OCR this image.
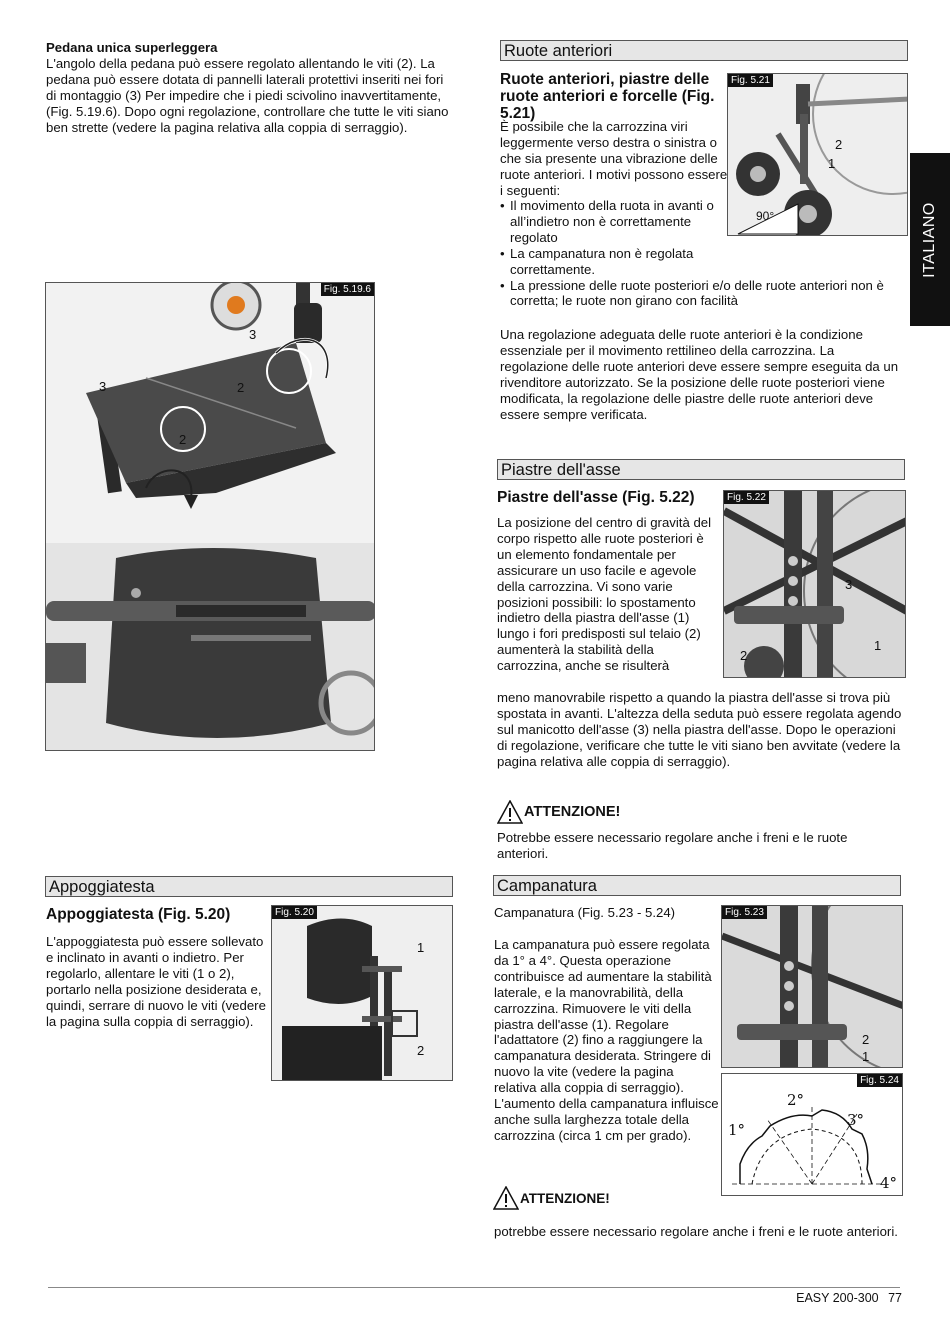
Pedana unica superleggera
L'angolo della pedana può essere regolato allentando le viti (2). La pedana può essere dotata di pannelli laterali protettivi inseriti nei fori di montaggio (3) Per impedire che i piedi scivolino inavvertitamente, (Fig. 5.19.6). Dopo ogni regolazione, controllare che tutte le viti siano ben strette (vedere la pagina relativa alla coppia di serraggio).
Fig. 5.19.6
3
3	2
2
Ruote anteriori
Ruote anteriori, piastre delle ruote anteriori e forcelle (Fig. 5.21)
È possibile che la carrozzina viri leggermente verso destra o sinistra o che sia presente una vibrazione delle ruote anteriori. I motivi possono essere i seguenti:
• Il movimento della ruota in avanti o all’indietro non è correttamente regolato
• La campanatura non è regolata correttamente.
• La pressione delle ruote posteriori e/o delle ruote anteriori non è corretta; le ruote non girano con facilità
Fig. 5.21
90°
2
1
ITALIANO
Una regolazione adeguata delle ruote anteriori è la condizione essenziale per il movimento rettilineo della carrozzina. La regolazione delle ruote anteriori deve essere sempre eseguita da un rivenditore autorizzato. Se la posizione delle ruote posteriori viene modificata, la regolazione delle piastre delle ruote anteriori deve essere sempre verificata.
Piastre dell'asse
Piastre dell'asse (Fig. 5.22)
La posizione del centro di gravità del corpo rispetto alle ruote posteriori è un elemento fondamentale per assicurare un uso facile e agevole della carrozzina. Vi sono varie posizioni possibili: lo spostamento indietro della piastra dell'asse (1) lungo i fori predisposti sul telaio (2) aumenterà la stabilità della carrozzina, anche se risulterà
Fig. 5.22
3
1
2
meno manovrabile rispetto a quando la piastra dell'asse si trova più spostata in avanti. L'altezza della seduta può essere regolata agendo sul manicotto dell'asse (3) nella piastra dell'asse. Dopo le operazioni di regolazione, verificare che tutte le viti siano ben avvitate (vedere la pagina relativa alle coppia di serraggio).
ATTENZIONE!
Potrebbe essere necessario regolare anche i freni e le ruote anteriori.
Appoggiatesta
Appoggiatesta (Fig. 5.20)
L'appoggiatesta può essere sollevato e inclinato in avanti o indietro. Per regolarlo, allentare le viti (1 o 2), portarlo nella posizione desiderata e, quindi, serrare di nuovo le viti (vedere la pagina sulla coppia di serraggio).
Fig. 5.20
1
2
Campanatura
Campanatura (Fig. 5.23 - 5.24)
La campanatura può essere regolata da 1° a 4°. Questa operazione contribuisce ad aumentare la stabilità laterale, e la manovrabilità, della carrozzina. Rimuovere le viti della piastra dell'asse (1). Regolare l'adattatore (2) fino a raggiungere la campanatura desiderata. Stringere di nuovo la vite (vedere la pagina relativa alla coppia di serraggio). L'aumento della campanatura influisce anche sulla larghezza totale della carrozzina (circa 1 cm per grado).
Fig. 5.23
2
1
Fig. 5.24
1°
2°
3°
4°
ATTENZIONE!
potrebbe essere necessario regolare anche i freni e le ruote anteriori.
EASY 200-300 77
